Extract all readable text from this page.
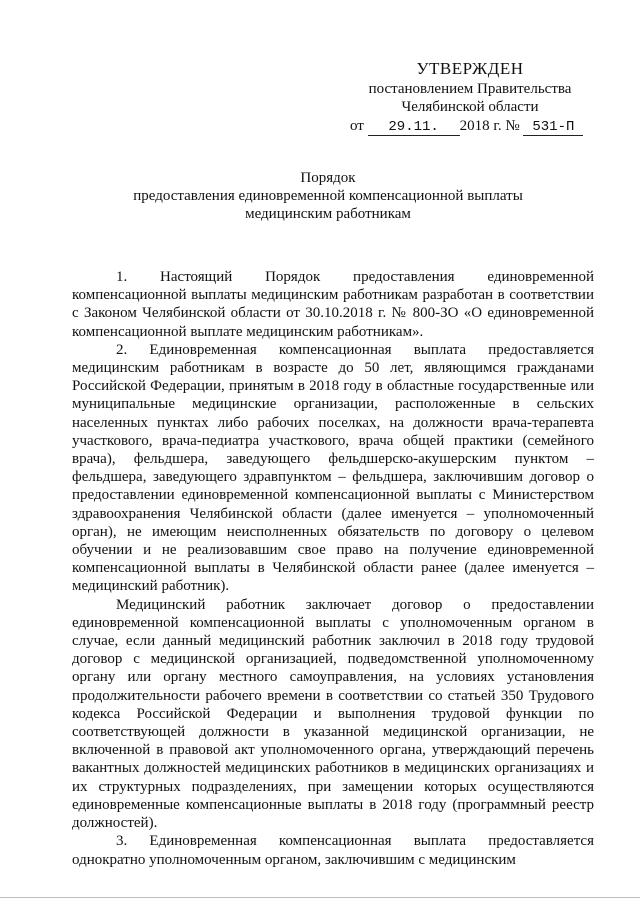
УТВЕРЖДЕН
постановлением Правительства
Челябинской области
от 29.11. 2018 г. № 531-П
Порядок
предоставления единовременной компенсационной выплаты
медицинским работникам

1. Настоящий Порядок предоставления единовременной компенсационной выплаты медицинским работникам разработан в соответствии с Законом Челябинской области от 30.10.2018 г. № 800-ЗО «О единовременной компенсационной выплате медицинским работникам».

2. Единовременная компенсационная выплата предоставляется медицинским работникам в возрасте до 50 лет, являющимся гражданами Российской Федерации, принятым в 2018 году в областные государственные или муниципальные медицинские организации, расположенные в сельских населенных пунктах либо рабочих поселках, на должности врача-терапевта участкового, врача-педиатра участкового, врача общей практики (семейного врача), фельдшера, заведующего фельдшерско-акушерским пунктом – фельдшера, заведующего здравпунктом – фельдшера, заключившим договор о предоставлении единовременной компенсационной выплаты с Министерством здравоохранения Челябинской области (далее именуется – уполномоченный орган), не имеющим неисполненных обязательств по договору о целевом обучении и не реализовавшим свое право на получение единовременной компенсационной выплаты в Челябинской области ранее (далее именуется – медицинский работник).

Медицинский работник заключает договор о предоставлении единовременной компенсационной выплаты с уполномоченным органом в случае, если данный медицинский работник заключил в 2018 году трудовой договор с медицинской организацией, подведомственной уполномоченному органу или органу местного самоуправления, на условиях установления продолжительности рабочего времени в соответствии со статьей 350 Трудового кодекса Российской Федерации и выполнения трудовой функции по соответствующей должности в указанной медицинской организации, не включенной в правовой акт уполномоченного органа, утверждающий перечень вакантных должностей медицинских работников в медицинских организациях и их структурных подразделениях, при замещении которых осуществляются единовременные компенсационные выплаты в 2018 году (программный реестр должностей).

3. Единовременная компенсационная выплата предоставляется однократно уполномоченным органом, заключившим с медицинским
